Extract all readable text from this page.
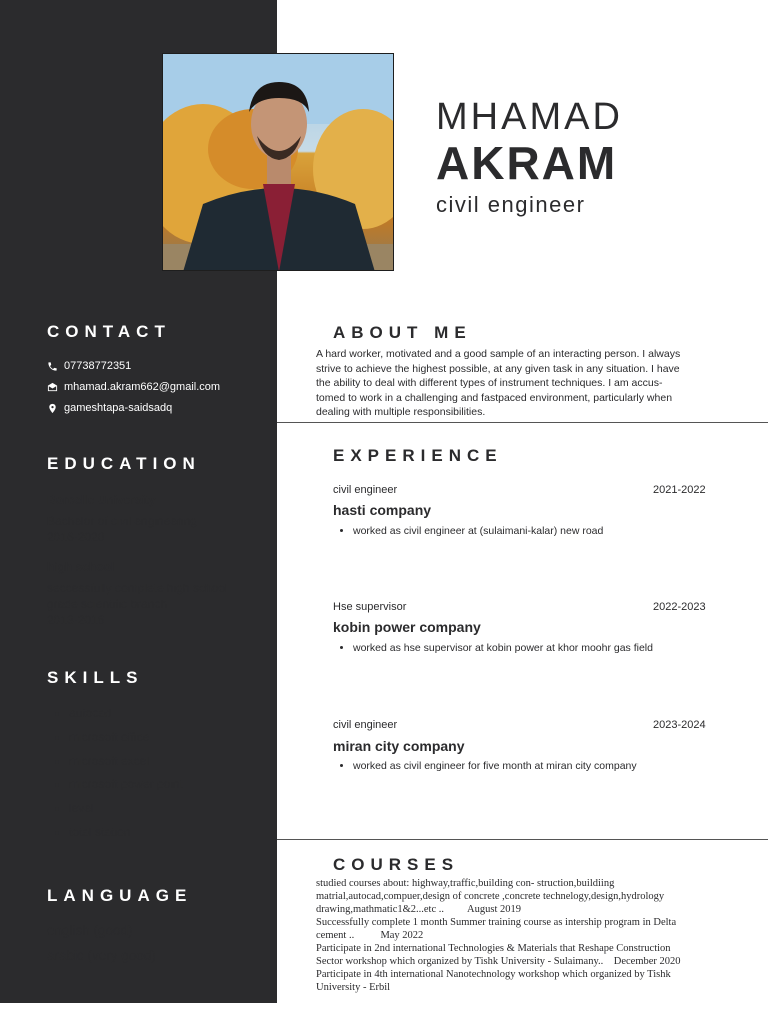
MHAMAD
AKRAM
civil engineer
CONTACT
07738772351
mhamad.akram662@gmail.com
gameshtapa-saidsadq
EDUCATION
Borcelle University
Bachelor of civil engineering
2016-2020
high school
seccessfully complete high school
grade scientific branch
2013-2016
SKILLS
• autocad
• microsoft office
• microsoft excel
• microsoft power point
• level
• total station
LANGUAGE
english (good)
arabic (very good)
ABOUT ME
A hard worker, motivated and a good sample of an interacting person. I always strive to achieve the highest possible, at any given task in any situation. I have the ability to deal with different types of instrument techniques. I am accus- tomed to work in a challenging and fastpaced environment, particularly when dealing with multiple responsibilities.
EXPERIENCE
civil engineer	2021-2022
hasti company
• worked as civil engineer at (sulaimani-kalar) new road
Hse supervisor	2022-2023
kobin power company
• worked as hse supervisor at kobin power at khor moohr gas field
civil engineer	2023-2024
miran city company
• worked as civil engineer for five month at miran city company
COURSES
studied courses about: highway,traffic,building con- struction,buildiing
matrial,autocad,compuer,design of concrete ,concrete technelogy,design,hydrology
drawing,mathmatic1&2...etc ..         August 2019
Successfully complete 1 month Summer training course as intership program in Delta
cement ..          May 2022
Participate in 2nd international Technologies & Materials that Reshape Construction
Sector workshop which organized by Tishk University - Sulaimany..    December 2020
Participate in 4th international Nanotechnology workshop which organized by Tishk
University - Erbil
